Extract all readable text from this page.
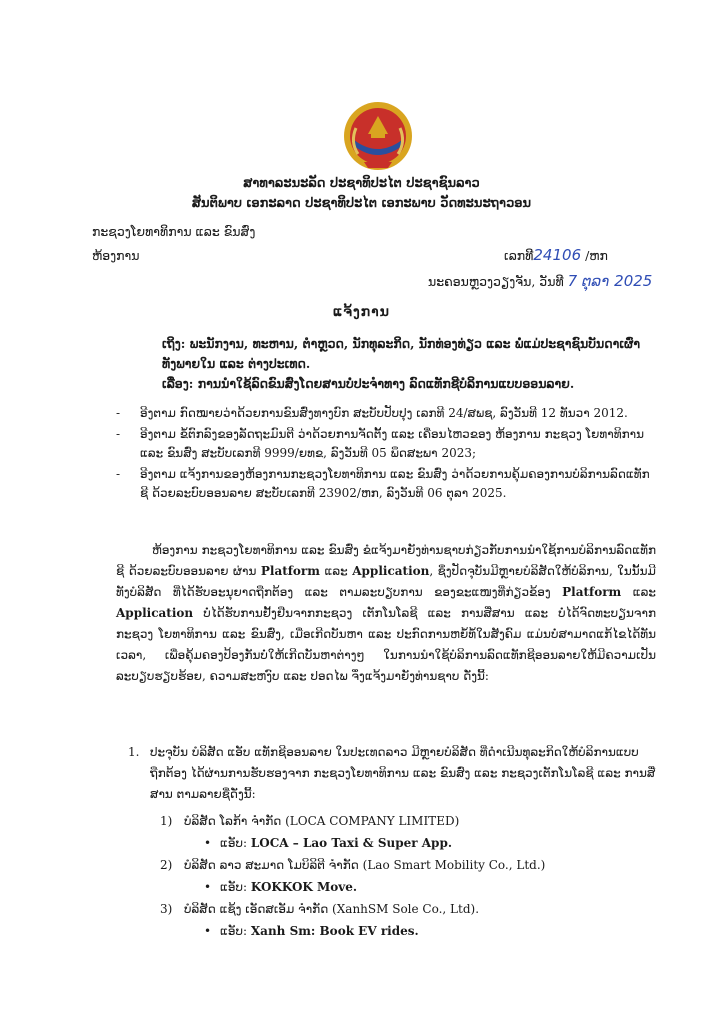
ສາທາລະນະລັດ ປະຊາທິປະໄຕ ປະຊາຊົນລາວ
ສັນຕິພາບ ເອກະລາດ ປະຊາທິປະໄຕ ເອກະພາບ ວັດທະນະຖາວອນ
ກະຊວງໂຍທາທິການ ແລະ ຂົນສົ່ງ
ຫ້ອງການ	ເລກທີ24106 /ຫກ
ນະຄອນຫຼວງວຽງຈັນ, ວັນທີ 7 ຕຸລາ 2025
ແຈ້ງການ
ເຖິງ: ພະນັກງານ, ທະຫານ, ຕຳຫຼວດ, ນັກທຸລະກິດ, ນັກທ່ອງທ່ຽວ ແລະ ພໍ່ແມ່ປະຊາຊົນບັນດາເຜົ່າ ທັງພາຍໃນ ແລະ ຕ່າງປະເທດ.
ເລື່ອງ: ການນຳໃຊ້ລົດຂົນສົ່ງໂດຍສານບໍ່ປະຈຳທາງ ລົດແທັກຊີບໍລິການແບບອອນລາຍ.
- ອີງຕາມ ກົດໝາຍວ່າດ້ວຍການຂົນສົ່ງທາງບົກ ສະບັບປັບປຸງ ເລກທີ 24/ສພຊ, ລົງວັນທີ 12 ທັນວາ 2012.
- ອີງຕາມ ຂໍ້ຕົກລົງຂອງລັດຖະມົນຕີ ວ່າດ້ວຍການຈັດຕັ້ງ ແລະ ເຄື່ອນໄຫວຂອງ ຫ້ອງການ ກະຊວງ ໂຍທາທິການ ແລະ ຂົນສົ່ງ ສະບັບເລກທີ 9999/ຍທຂ, ລົງວັນທີ 05 ພຶດສະພາ 2023;
- ອີງຕາມ ແຈ້ງການຂອງຫ້ອງການກະຊວງໂຍທາທິການ ແລະ ຂົນສົ່ງ ວ່າດ້ວຍການຄຸ້ມຄອງການບໍລິການລົດແທັກຊີ ດ້ວຍລະບົບອອນລາຍ ສະບັບເລກທີ 23902/ຫກ, ລົງວັນທີ 06 ຕຸລາ 2025.
ຫ້ອງການ ກະຊວງໂຍທາທິການ ແລະ ຂົນສົ່ງ ຂໍແຈ້ງມາຍັງທ່ານຊາບກ່ຽວກັບການນຳໃຊ້ການບໍລິການລົດແທັກຊີ ດ້ວຍລະບົບອອນລາຍ ຜ່ານ Platform ແລະ Application, ຊຶ່ງປັດຈຸບັນມີຫຼາຍບໍລິສັດໃຫ້ບໍລິການ, ໃນນັ້ນມີທັງບໍລິສັດ ທີ່ໄດ້ຮັບອະນຸຍາດຖືກຕ້ອງ ແລະ ຕາມລະບຽບການ ຂອງຂະແໜງທີ່ກ່ຽວຂ້ອງ Platform ແລະ Application ບໍ່ໄດ້ຮັບການຢັ້ງຢືນຈາກກະຊວງ ເຕັກໂນໂລຊີ ແລະ ການສື່ສານ ແລະ ບໍ່ໄດ້ຈົດທະບຽນຈາກ ກະຊວງ ໂຍທາທິການ ແລະ ຂົນສົ່ງ, ເມື່ອເກີດບັນຫາ ແລະ ປະກົດການຫຍໍ້ທໍ້ໃນສັງຄົມ ແມ່ນບໍ່ສາມາດແກ້ໄຂໄດ້ທັນເວລາ, ເພື່ອຄຸ້ມຄອງປ້ອງກັນບໍ່ໃຫ້ເກີດບັນຫາຕ່າງໆ ໃນການນຳໃຊ້ບໍລິການລົດແທັກຊີອອນລາຍໃຫ້ມີຄວາມເປັນລະບຽບຮຽບຮ້ອຍ, ຄວາມສະຫງົບ ແລະ ປອດໄພ ຈຶ່ງແຈ້ງມາຍັງທ່ານຊາບ ດັ່ງນີ້:
1. ປະຈຸບັນ ບໍລິສັດ ແອັບ ແທັກຊີອອນລາຍ ໃນປະເທດລາວ ມີຫຼາຍບໍລິສັດ ທີ່ດຳເນີນທຸລະກິດໃຫ້ບໍລິການແບບຖືກຕ້ອງ ໄດ້ຜ່ານການຮັບຮອງຈາກ ກະຊວງໂຍທາທິການ ແລະ ຂົນສົ່ງ ແລະ ກະຊວງເຕັກໂນໂລຊີ ແລະ ການສື່ສານ ຕາມລາຍຊື່ດັ່ງນີ້:
1) ບໍລິສັດ ໂລກ້າ ຈຳກັດ (LOCA COMPANY LIMITED)
• ແອັບ: LOCA – Lao Taxi & Super App.
2) ບໍລິສັດ ລາວ ສະມາດ ໂມບິລິຕີ ຈຳກັດ (Lao Smart Mobility Co., Ltd.)
• ແອັບ: KOKKOK Move.
3) ບໍລິສັດ ແຊ້ງ ເອັດສເອັມ ຈຳກັດ (XanhSM Sole Co., Ltd).
• ແອັບ: Xanh Sm: Book EV rides.
